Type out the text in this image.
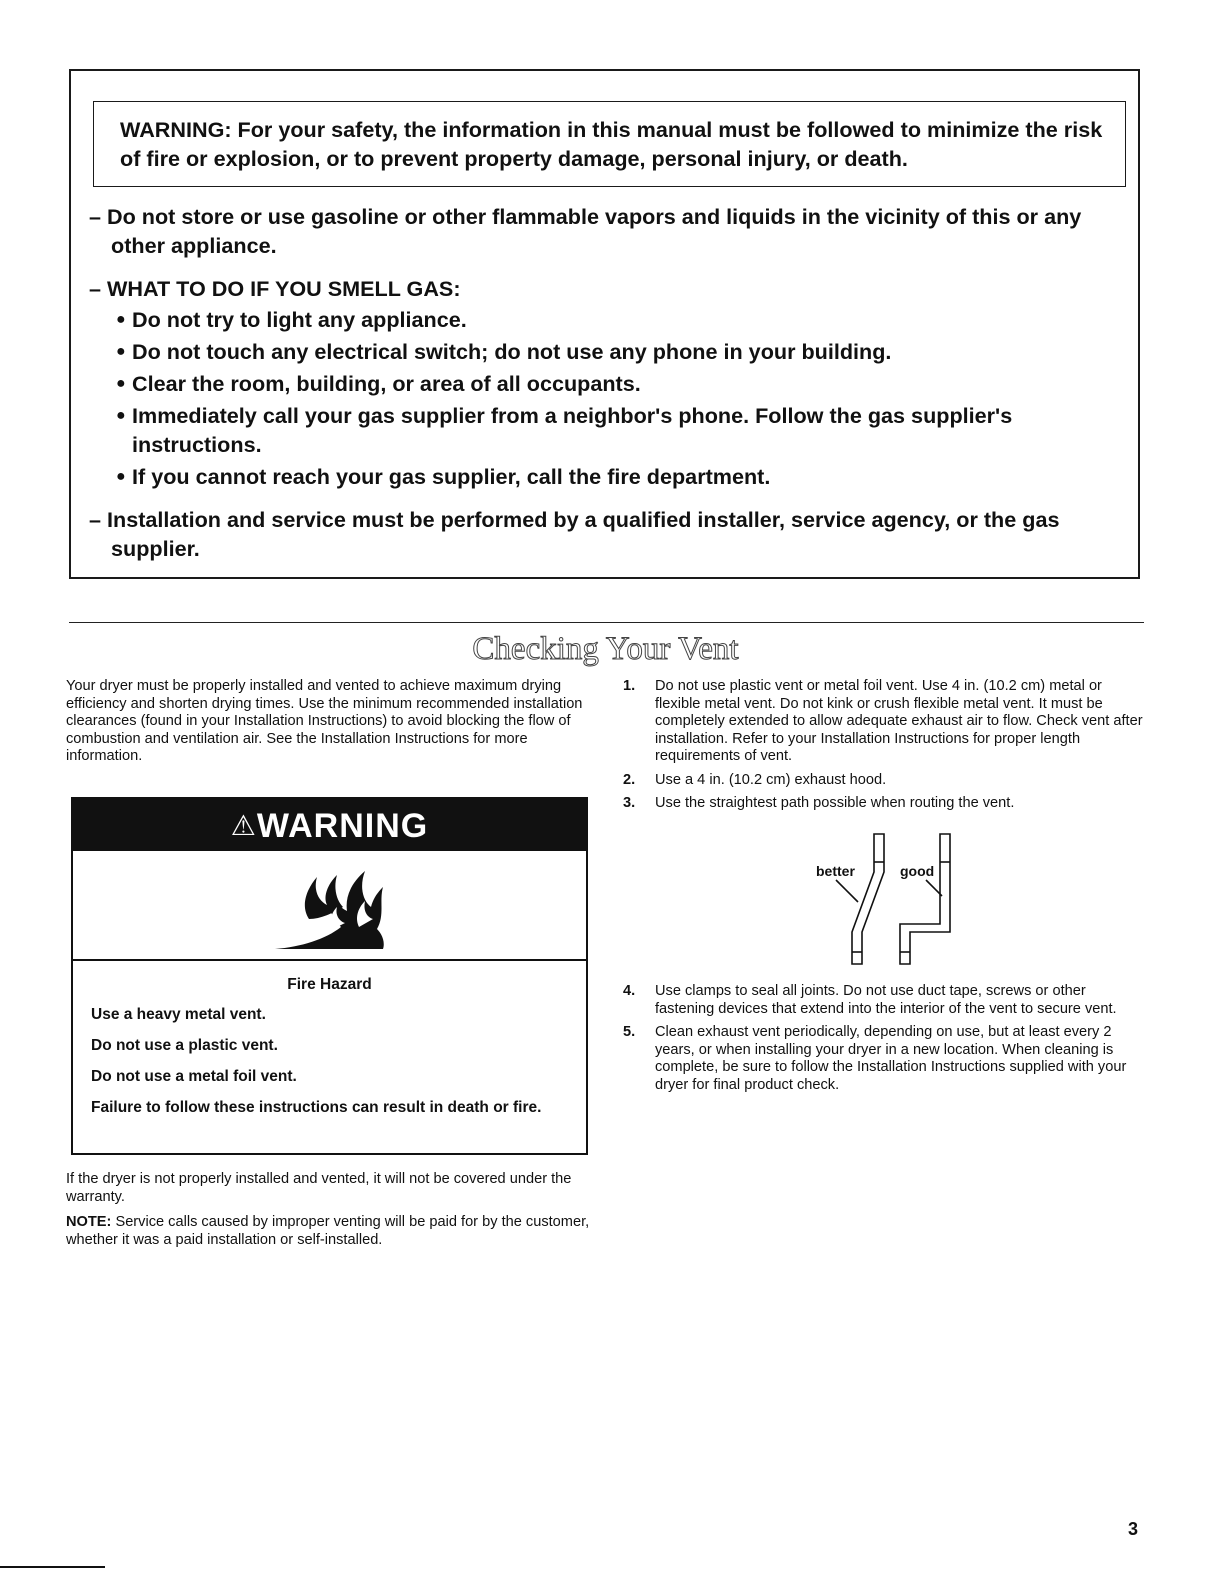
WARNING: For your safety, the information in this manual must be followed to minimize the risk of fire or explosion, or to prevent property damage, personal injury, or death.
– Do not store or use gasoline or other flammable vapors and liquids in the vicinity of this or any other appliance.
– WHAT TO DO IF YOU SMELL GAS:
● Do not try to light any appliance.
● Do not touch any electrical switch; do not use any phone in your building.
● Clear the room, building, or area of all occupants.
● Immediately call your gas supplier from a neighbor's phone. Follow the gas supplier's instructions.
● If you cannot reach your gas supplier, call the fire department.
– Installation and service must be performed by a qualified installer, service agency, or the gas supplier.
Checking Your Vent

Your dryer must be properly installed and vented to achieve maximum drying efficiency and shorten drying times. Use the minimum recommended installation clearances (found in your Installation Instructions) to avoid blocking the flow of combustion and ventilation air. See the Installation Instructions for more information.

⚠WARNING
Fire Hazard
Use a heavy metal vent.
Do not use a plastic vent.
Do not use a metal foil vent.
Failure to follow these instructions can result in death or fire.

If the dryer is not properly installed and vented, it will not be covered under the warranty.

NOTE: Service calls caused by improper venting will be paid for by the customer, whether it was a paid installation or self-installed.

1. Do not use plastic vent or metal foil vent. Use 4 in. (10.2 cm) metal or flexible metal vent. Do not kink or crush flexible metal vent. It must be completely extended to allow adequate exhaust air to flow. Check vent after installation. Refer to your Installation Instructions for proper length requirements of vent.
2. Use a 4 in. (10.2 cm) exhaust hood.
3. Use the straightest path possible when routing the vent.
better	good
4. Use clamps to seal all joints. Do not use duct tape, screws or other fastening devices that extend into the interior of the vent to secure vent.
5. Clean exhaust vent periodically, depending on use, but at least every 2 years, or when installing your dryer in a new location. When cleaning is complete, be sure to follow the Installation Instructions supplied with your dryer for final product check.
3
